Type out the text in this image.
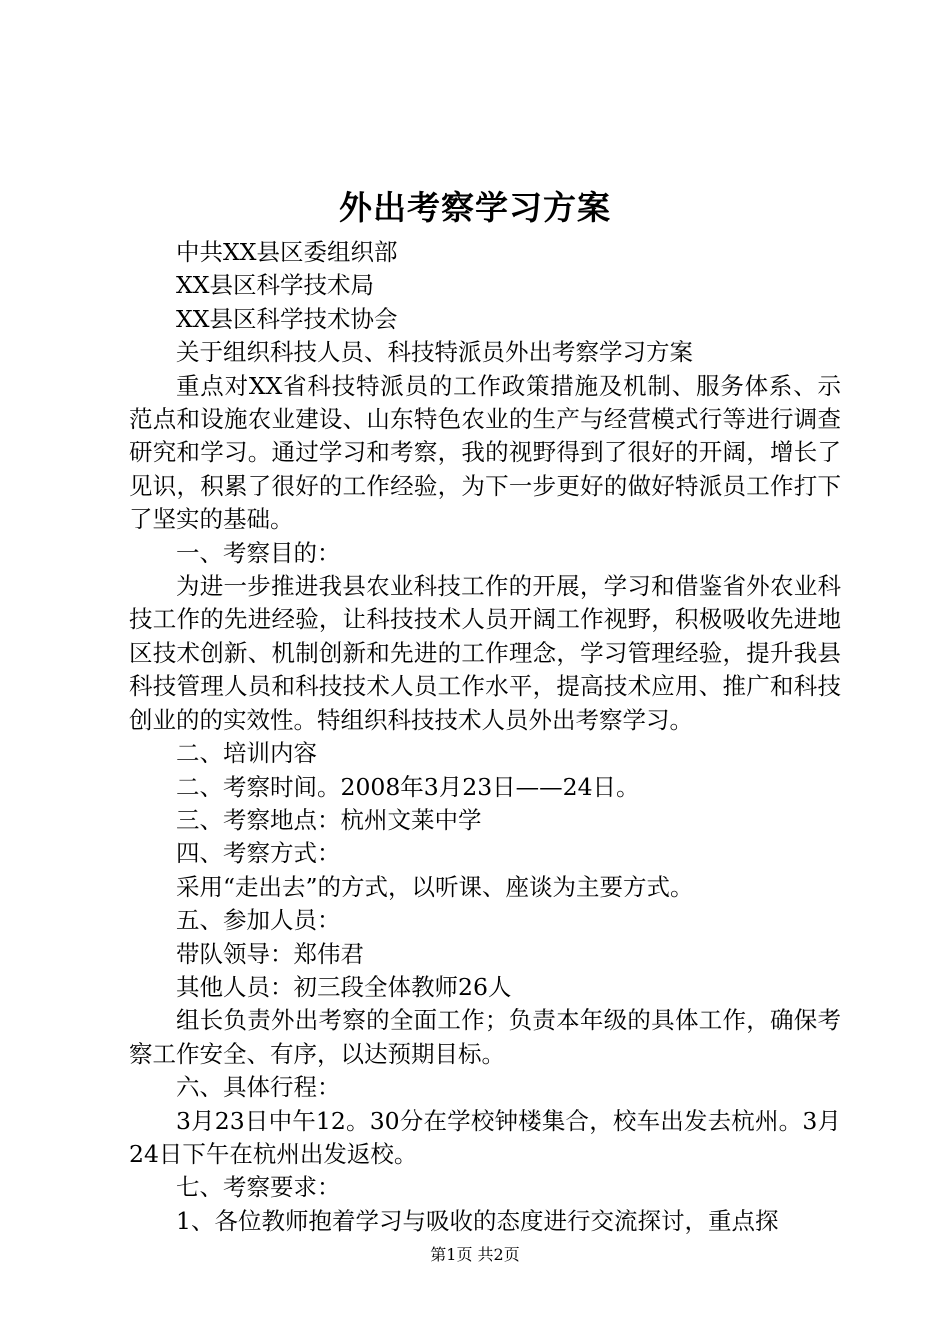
外出考察学习方案

中共XX县区委组织部

XX县区科学技术局

XX县区科学技术协会

关于组织科技人员、科技特派员外出考察学习方案

重点对XX省科技特派员的工作政策措施及机制、服务体系、示范点和设施农业建设、山东特色农业的生产与经营模式行等进行调查研究和学习。通过学习和考察，我的视野得到了很好的开阔，增长了见识，积累了很好的工作经验，为下一步更好的做好特派员工作打下了坚实的基础。

一、考察目的：

为进一步推进我县农业科技工作的开展，学习和借鉴省外农业科技工作的先进经验，让科技技术人员开阔工作视野，积极吸收先进地区技术创新、机制创新和先进的工作理念，学习管理经验，提升我县科技管理人员和科技技术人员工作水平，提高技术应用、推广和科技创业的的实效性。特组织科技技术人员外出考察学习。

二、培训内容

二、考察时间。2008年3月23日——24日。

三、考察地点：杭州文莱中学

四、考察方式：

采用“走出去”的方式，以听课、座谈为主要方式。

五、参加人员：

带队领导：郑伟君

其他人员：初三段全体教师26人

组长负责外出考察的全面工作；负责本年级的具体工作，确保考察工作安全、有序，以达预期目标。

六、具体行程：

3月23日中午12。30分在学校钟楼集合，校车出发去杭州。3月24日下午在杭州出发返校。

七、考察要求：

1、各位教师抱着学习与吸收的态度进行交流探讨，重点探

第1页 共2页
